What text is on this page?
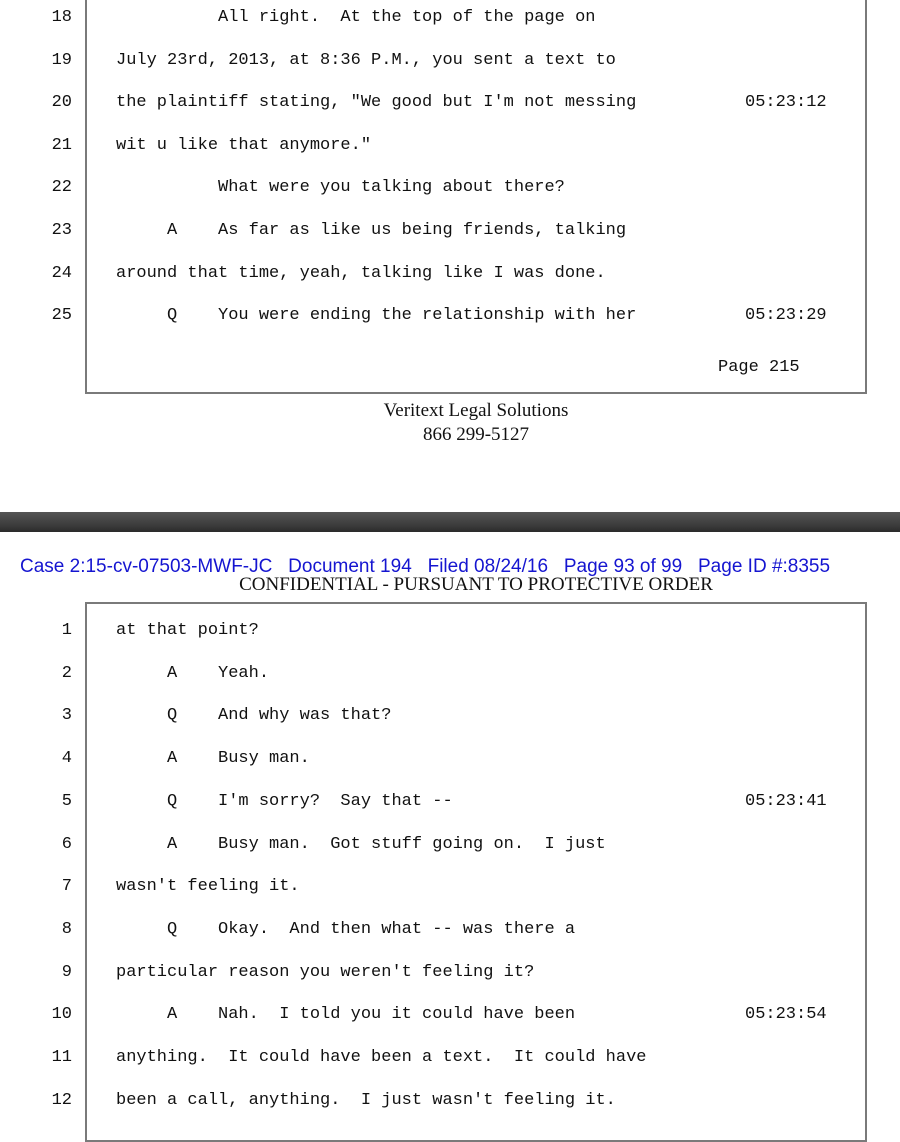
18	All right.  At the top of the page on
19	July 23rd, 2013, at 8:36 P.M., you sent a text to
20	the plaintiff stating, "We good but I'm not messing	05:23:12
21	wit u like that anymore."
22	What were you talking about there?
23	A    As far as like us being friends, talking
24	around that time, yeah, talking like I was done.
25	Q    You were ending the relationship with her	05:23:29
Page 215
Veritext Legal Solutions
866 299-5127
Case 2:15-cv-07503-MWF-JC   Document 194   Filed 08/24/16   Page 93 of 99   Page ID #:8355
CONFIDENTIAL - PURSUANT TO PROTECTIVE ORDER
1	at that point?
2	A    Yeah.
3	Q    And why was that?
4	A    Busy man.
5	Q    I'm sorry?  Say that --	05:23:41
6	A    Busy man.  Got stuff going on.  I just
7	wasn't feeling it.
8	Q    Okay.  And then what -- was there a
9	particular reason you weren't feeling it?
10	A    Nah.  I told you it could have been	05:23:54
11	anything.  It could have been a text.  It could have
12	been a call, anything.  I just wasn't feeling it.
